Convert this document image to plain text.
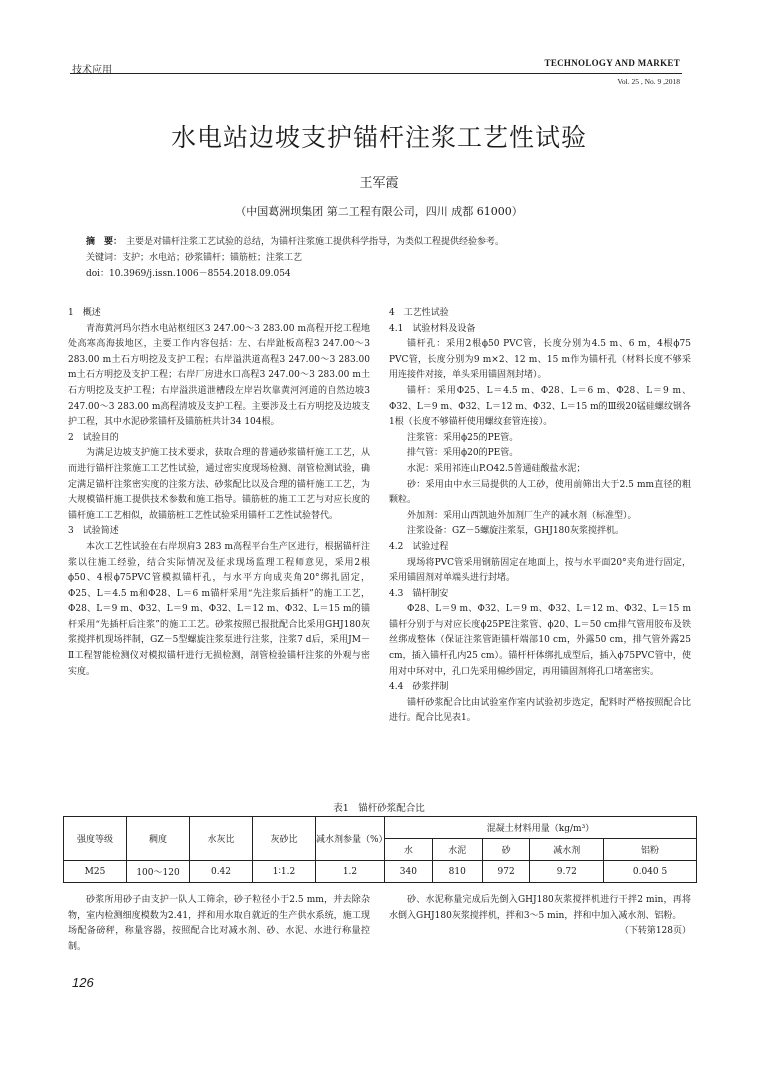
技术应用
TECHNOLOGY AND MARKET
Vol. 25 , No. 9 ,2018
水电站边坡支护锚杆注浆工艺性试验
王军霞
（中国葛洲坝集团 第二工程有限公司，四川 成都 61000）
摘　要： 主要是对锚杆注浆工艺试验的总结，为锚杆注浆施工提供科学指导，为类似工程提供经验参考。
关键词：支护；水电站；砂浆锚杆；锚筋桩；注浆工艺
doi：10.3969/j.issn.1006－8554.2018.09.054

1　概述

青海黄河玛尔挡水电站枢纽区3 247.00～3 283.00 m高程开挖工程地处高寒高海拔地区，主要工作内容包括：左、右岸趾板高程3 247.00～3 283.00 m土石方明挖及支护工程；右岸溢洪道高程3 247.00～3 283.00 m土石方明挖及支护工程；右岸厂房进水口高程3 247.00～3 283.00 m土石方明挖及支护工程；右岸溢洪道泄槽段左岸岩坎靠黄河河道的自然边坡3 247.00～3 283.00 m高程清坡及支护工程。主要涉及土石方明挖及边坡支护工程，其中水泥砂浆锚杆及锚筋桩共计34 104根。

2　试验目的

为满足边坡支护施工技术要求，获取合理的普通砂浆锚杆施工工艺，从而进行锚杆注浆施工工艺性试验，通过密实度现场检测、剖管检测试验，确定满足锚杆注浆密实度的注浆方法、砂浆配比以及合理的锚杆施工工艺，为大规模锚杆施工提供技术参数和施工指导。锚筋桩的施工工艺与对应长度的锚杆施工工艺相似，故锚筋桩工艺性试验采用锚杆工艺性试验替代。

3　试验简述

本次工艺性试验在右岸坝肩3 283 m高程平台生产区进行，根据锚杆注浆以往施工经验，结合实际情况及征求现场监理工程师意见，采用2根ϕ50、4根ϕ75PVC管模拟锚杆孔，与水平方向成夹角20°绑扎固定，Φ25、L＝4.5 m和Φ28、L＝6 m锚杆采用“先注浆后插杆”的施工工艺，Φ28、L＝9 m、Φ32、L＝9 m、Φ32、L＝12 m、Φ32、L＝15 m的锚杆采用“先插杆后注浆”的施工工艺。砂浆按照已报批配合比采用GHJ180灰浆搅拌机现场拌制，GZ－5型螺旋注浆泵进行注浆，注浆7 d后，采用JM－Ⅱ工程智能检测仪对模拟锚杆进行无损检测，剖管检验锚杆注浆的外观与密实度。

4　工艺性试验

4.1　试验材料及设备

锚杆孔：采用2根ϕ50 PVC管，长度分别为4.5 m、6 m，4根ϕ75 PVC管，长度分别为9 m×2、12 m、15 m作为锚杆孔（材料长度不够采用连接件对接，单头采用锚固剂封堵）。

锚杆：采用Φ25、L＝4.5 m、Φ28、L＝6 m、Φ28、L＝9 m、Φ32、L＝9 m、Φ32、L＝12 m、Φ32、L＝15 m的Ⅲ级20锰硅螺纹钢各1根（长度不够锚杆使用螺纹套管连接）。

注浆管：采用ϕ25的PE管。

排气管：采用ϕ20的PE管。

水泥：采用祁连山P.O42.5普通硅酸盐水泥；

砂：采用由中水三局提供的人工砂，使用前筛出大于2.5 mm直径的粗颗粒。

外加剂：采用山西凯迪外加剂厂生产的减水剂（标准型）。

注浆设备：GZ－5螺旋注浆泵，GHJ180灰浆搅拌机。

4.2　试验过程

现场将PVC管采用钢筋固定在地面上，按与水平面20°夹角进行固定，采用锚固剂对单端头进行封堵。

4.3　锚杆制安

Φ28、L＝9 m、Φ32、L＝9 m、Φ32、L＝12 m、Φ32、L＝15 m锚杆分别于与对应长度ϕ25PE注浆管、ϕ20、L＝50 cm排气管用胶布及铁丝绑成整体（保证注浆管距锚杆端部10 cm，外露50 cm，排气管外露25 cm，插入锚杆孔内25 cm）。锚杆杆体绑扎成型后，插入ϕ75PVC管中，使用对中环对中，孔口先采用棉纱固定，再用锚固剂将孔口堵塞密实。

4.4　砂浆拌制

锚杆砂浆配合比由试验室作室内试验初步选定，配料时严格按照配合比进行。配合比见表1。

表1　锚杆砂浆配合比
强度等级	稠度	水灰比	灰砂比	减水剂参量（%）	混凝土材料用量（kg/m³）				
					水	水泥	砂	减水剂	铝粉
M25	100～120	0.42	1∶1.2	1.2	340	810	972	9.72	0.040 5

砂浆所用砂子由支护一队人工筛余，砂子粒径小于2.5 mm，并去除杂物，室内检测细度模数为2.41，拌和用水取自就近的生产供水系统，施工现场配备磅秤，称量容器，按照配合比对减水剂、砂、水泥、水进行称量控制。

砂、水泥称量完成后先倒入GHJ180灰浆搅拌机进行干拌2 min，再将水倒入GHJ180灰浆搅拌机，拌和3～5 min，拌和中加入减水剂、铝粉。

（下转第128页）

126
